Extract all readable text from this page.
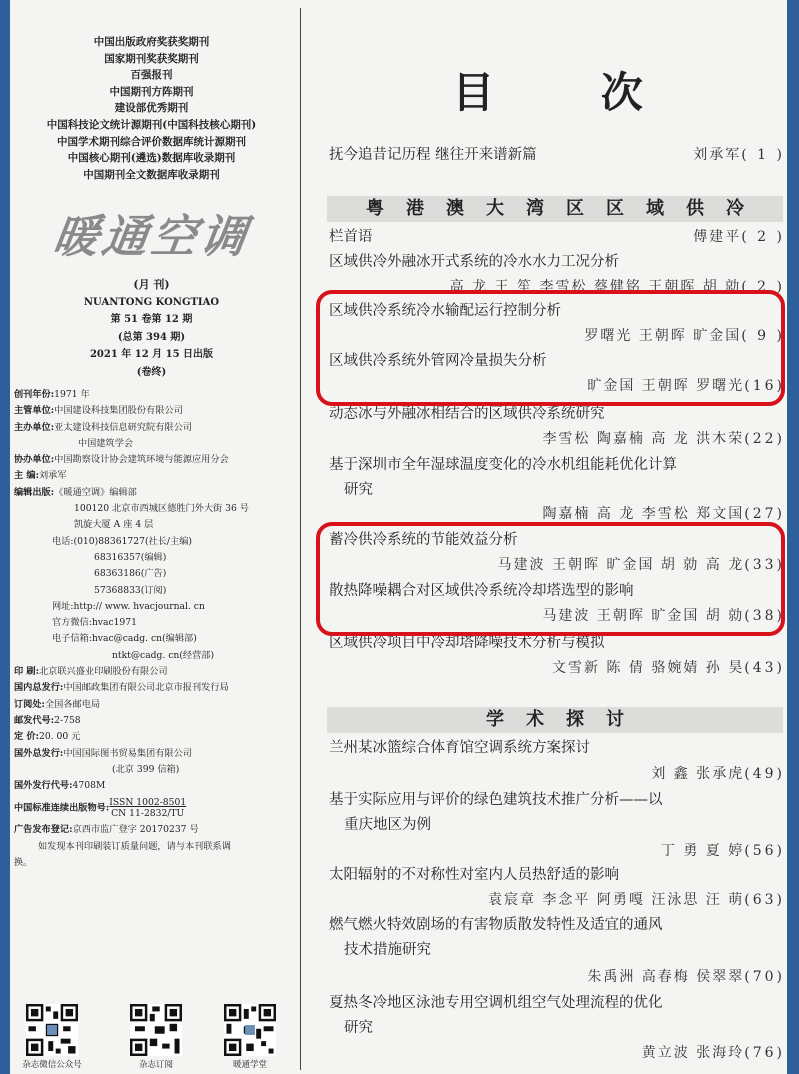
中国出版政府奖获奖期刊
国家期刊奖获奖期刊
百强报刊
中国期刊方阵期刊
建设部优秀期刊
中国科技论文统计源期刊(中国科技核心期刊)
中国学术期刊综合评价数据库统计源期刊
中国核心期刊(遴选)数据库收录期刊
中国期刊全文数据库收录期刊
暖通空调
(月 刊)
NUANTONG KONGTIAO
第 51 卷第 12 期
(总第 394 期)
2021 年 12 月 15 日出版
(卷终)
创刊年份:1971 年
主管单位:中国建设科技集团股份有限公司
主办单位:亚太建设科技信息研究院有限公司
中国建筑学会
协办单位:中国勘察设计协会建筑环境与能源应用分会
主 编:刘承军
编辑出版:《暖通空调》编辑部
100120 北京市西城区德胜门外大街 36 号
凯旋大厦 A 座 4 层
电话:(010)88361727(社长/主编)
68316357(编辑)
68363186(广告)
57368833(订阅)
网址:http:// www. hvacjournal. cn
官方微信:hvac1971
电子信箱:hvac@cadg. cn(编辑部)
ntkt@cadg. cn(经营部)
印 刷:北京联兴盛业印刷股份有限公司
国内总发行:中国邮政集团有限公司北京市报刊发行局
订阅处:全国各邮电局
邮发代号:2-758
定 价:20. 00 元
国外总发行:中国国际图书贸易集团有限公司
(北京 399 信箱)
国外发行代号:4708M
中国标准连续出版物号:ISSN 1002-8501
CN 11-2832/TU
广告发布登记:京西市监广登字 20170237 号
如发现本刊印刷装订质量问题，请与本刊联系调
换。
杂志微信公众号	杂志订阅	暖通学堂
目 次
抚今追昔记历程 继往开来谱新篇	刘承军( 1 )
粤港澳大湾区区域供冷
栏首语	傅建平( 2 )
区域供冷外融冰开式系统的冷水水力工况分析
高 龙 王 笙 李雪松 蔡健铭 王朝晖 胡 勍( 2 )
区域供冷系统冷水输配运行控制分析
罗曙光 王朝晖 旷金国( 9 )
区域供冷系统外管网冷量损失分析
旷金国 王朝晖 罗曙光(16)
动态冰与外融冰相结合的区域供冷系统研究
李雪松 陶嘉楠 高 龙 洪木荣(22)
基于深圳市全年湿球温度变化的冷水机组能耗优化计算
研究
陶嘉楠 高 龙 李雪松 郑文国(27)
蓄冷供冷系统的节能效益分析
马建波 王朝晖 旷金国 胡 勍 高 龙(33)
散热降噪耦合对区域供冷系统冷却塔选型的影响
马建波 王朝晖 旷金国 胡 勍(38)
区域供冷项目中冷却塔降噪技术分析与模拟
文雪新 陈 倩 骆婉婧 孙 昊(43)
学术探讨
兰州某冰篮综合体育馆空调系统方案探讨
刘 鑫 张承虎(49)
基于实际应用与评价的绿色建筑技术推广分析——以
重庆地区为例
丁 勇 夏 婷(56)
太阳辐射的不对称性对室内人员热舒适的影响
袁宸章 李念平 阿勇嘎 汪泳思 汪 萌(63)
燃气燃火特效剧场的有害物质散发特性及适宜的通风
技术措施研究
朱禹洲 高春梅 侯翠翠(70)
夏热冬冷地区泳池专用空调机组空气处理流程的优化
研究
黄立波 张海玲(76)
